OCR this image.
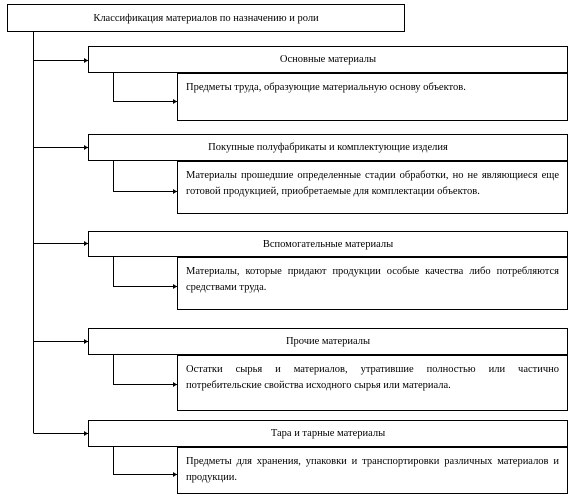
Классификация материалов по назначению и роли
Основные материалы
Предметы труда, образующие материальную основу объектов.
Покупные полуфабрикаты и комплектующие изделия
Материалы прошедшие определенные стадии обработки, но не являющиеся еще готовой продукцией, приобретаемые для комплектации объектов.
Вспомогательные материалы
Материалы, которые придают продукции особые качества либо потребляются средствами труда.
Прочие материалы
Остатки сырья и материалов, утратившие полностью или частично потребительские свойства исходного сырья или материала.
Тара и тарные материалы
Предметы для хранения, упаковки и транспортировки различных материалов и продукции.
